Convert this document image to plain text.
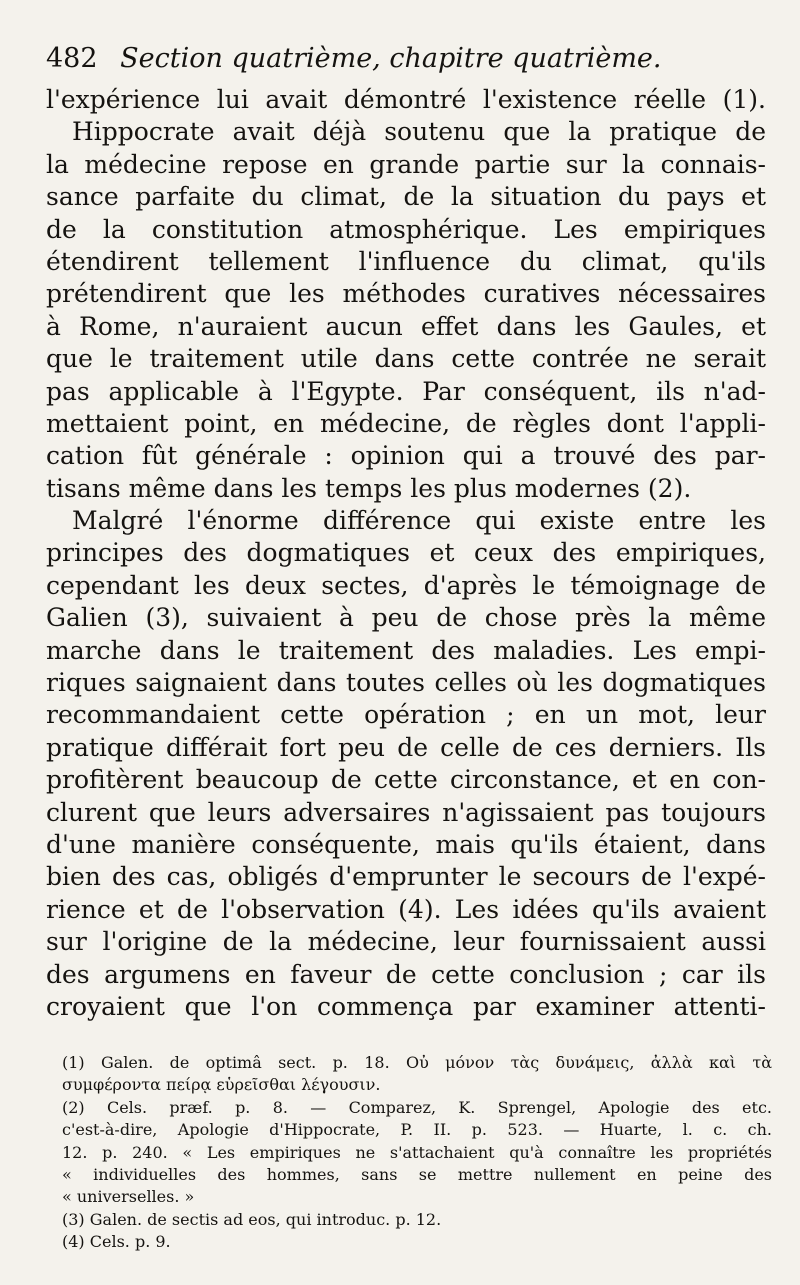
482 Section quatrième, chapitre quatrième.
l'expérience lui avait démontré l'existence réelle (1).
Hippocrate avait déjà soutenu que la pratique de
la médecine repose en grande partie sur la connais-
sance parfaite du climat, de la situation du pays et
de la constitution atmosphérique. Les empiriques
étendirent tellement l'influence du climat, qu'ils
prétendirent que les méthodes curatives nécessaires
à Rome, n'auraient aucun effet dans les Gaules, et
que le traitement utile dans cette contrée ne serait
pas applicable à l'Egypte. Par conséquent, ils n'ad-
mettaient point, en médecine, de règles dont l'appli-
cation fût générale : opinion qui a trouvé des par-
tisans même dans les temps les plus modernes (2).
Malgré l'énorme différence qui existe entre les
principes des dogmatiques et ceux des empiriques,
cependant les deux sectes, d'après le témoignage de
Galien (3), suivaient à peu de chose près la même
marche dans le traitement des maladies. Les empi-
riques saignaient dans toutes celles où les dogmatiques
recommandaient cette opération ; en un mot, leur
pratique différait fort peu de celle de ces derniers. Ils
profitèrent beaucoup de cette circonstance, et en con-
clurent que leurs adversaires n'agissaient pas toujours
d'une manière conséquente, mais qu'ils étaient, dans
bien des cas, obligés d'emprunter le secours de l'expé-
rience et de l'observation (4). Les idées qu'ils avaient
sur l'origine de la médecine, leur fournissaient aussi
des argumens en faveur de cette conclusion ; car ils
croyaient que l'on commença par examiner attenti-
(1) Galen. de optimâ sect. p. 18. Οὐ μόνον τὰς δυνάμεις, ἀλλὰ καὶ τὰ
συμφέροντα πείρᾳ εὑρεῖσθαι λέγουσιν.
(2) Cels. præf. p. 8. — Comparez, K. Sprengel, Apologie des etc.
c'est-à-dire, Apologie d'Hippocrate, P. II. p. 523. — Huarte, l. c. ch.
12. p. 240. « Les empiriques ne s'attachaient qu'à connaître les propriétés
« individuelles des hommes, sans se mettre nullement en peine des
« universelles. »
(3) Galen. de sectis ad eos, qui introduc. p. 12.
(4) Cels. p. 9.
